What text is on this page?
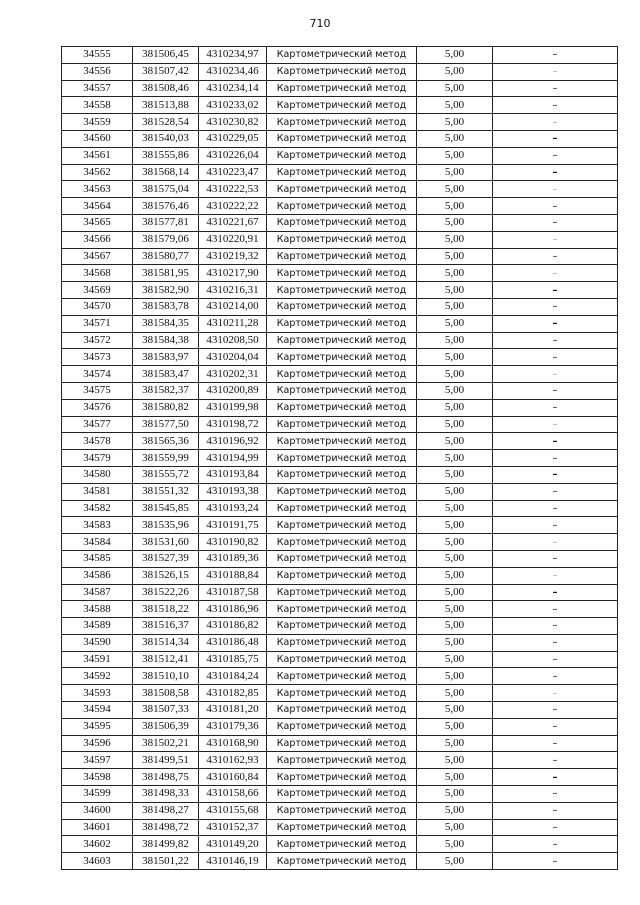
710
34555	381506,45	4310234,97	Картометрический метод	5,00	–
34556	381507,42	4310234,46	Картометрический метод	5,00	–
34557	381508,46	4310234,14	Картометрический метод	5,00	–
34558	381513,88	4310233,02	Картометрический метод	5,00	–
34559	381528,54	4310230,82	Картометрический метод	5,00	–
34560	381540,03	4310229,05	Картометрический метод	5,00	–
34561	381555,86	4310226,04	Картометрический метод	5,00	–
34562	381568,14	4310223,47	Картометрический метод	5,00	–
34563	381575,04	4310222,53	Картометрический метод	5,00	–
34564	381576,46	4310222,22	Картометрический метод	5,00	–
34565	381577,81	4310221,67	Картометрический метод	5,00	–
34566	381579,06	4310220,91	Картометрический метод	5,00	–
34567	381580,77	4310219,32	Картометрический метод	5,00	–
34568	381581,95	4310217,90	Картометрический метод	5,00	–
34569	381582,90	4310216,31	Картометрический метод	5,00	–
34570	381583,78	4310214,00	Картометрический метод	5,00	–
34571	381584,35	4310211,28	Картометрический метод	5,00	–
34572	381584,38	4310208,50	Картометрический метод	5,00	–
34573	381583,97	4310204,04	Картометрический метод	5,00	–
34574	381583,47	4310202,31	Картометрический метод	5,00	–
34575	381582,37	4310200,89	Картометрический метод	5,00	–
34576	381580,82	4310199,98	Картометрический метод	5,00	–
34577	381577,50	4310198,72	Картометрический метод	5,00	–
34578	381565,36	4310196,92	Картометрический метод	5,00	–
34579	381559,99	4310194,99	Картометрический метод	5,00	–
34580	381555,72	4310193,84	Картометрический метод	5,00	–
34581	381551,32	4310193,38	Картометрический метод	5,00	–
34582	381545,85	4310193,24	Картометрический метод	5,00	–
34583	381535,96	4310191,75	Картометрический метод	5,00	–
34584	381531,60	4310190,82	Картометрический метод	5,00	–
34585	381527,39	4310189,36	Картометрический метод	5,00	–
34586	381526,15	4310188,84	Картометрический метод	5,00	–
34587	381522,26	4310187,58	Картометрический метод	5,00	–
34588	381518,22	4310186,96	Картометрический метод	5,00	–
34589	381516,37	4310186,82	Картометрический метод	5,00	–
34590	381514,34	4310186,48	Картометрический метод	5,00	–
34591	381512,41	4310185,75	Картометрический метод	5,00	–
34592	381510,10	4310184,24	Картометрический метод	5,00	–
34593	381508,58	4310182,85	Картометрический метод	5,00	–
34594	381507,33	4310181,20	Картометрический метод	5,00	–
34595	381506,39	4310179,36	Картометрический метод	5,00	–
34596	381502,21	4310168,90	Картометрический метод	5,00	–
34597	381499,51	4310162,93	Картометрический метод	5,00	–
34598	381498,75	4310160,84	Картометрический метод	5,00	–
34599	381498,33	4310158,66	Картометрический метод	5,00	–
34600	381498,27	4310155,68	Картометрический метод	5,00	–
34601	381498,72	4310152,37	Картометрический метод	5,00	–
34602	381499,82	4310149,20	Картометрический метод	5,00	–
34603	381501,22	4310146,19	Картометрический метод	5,00	–
